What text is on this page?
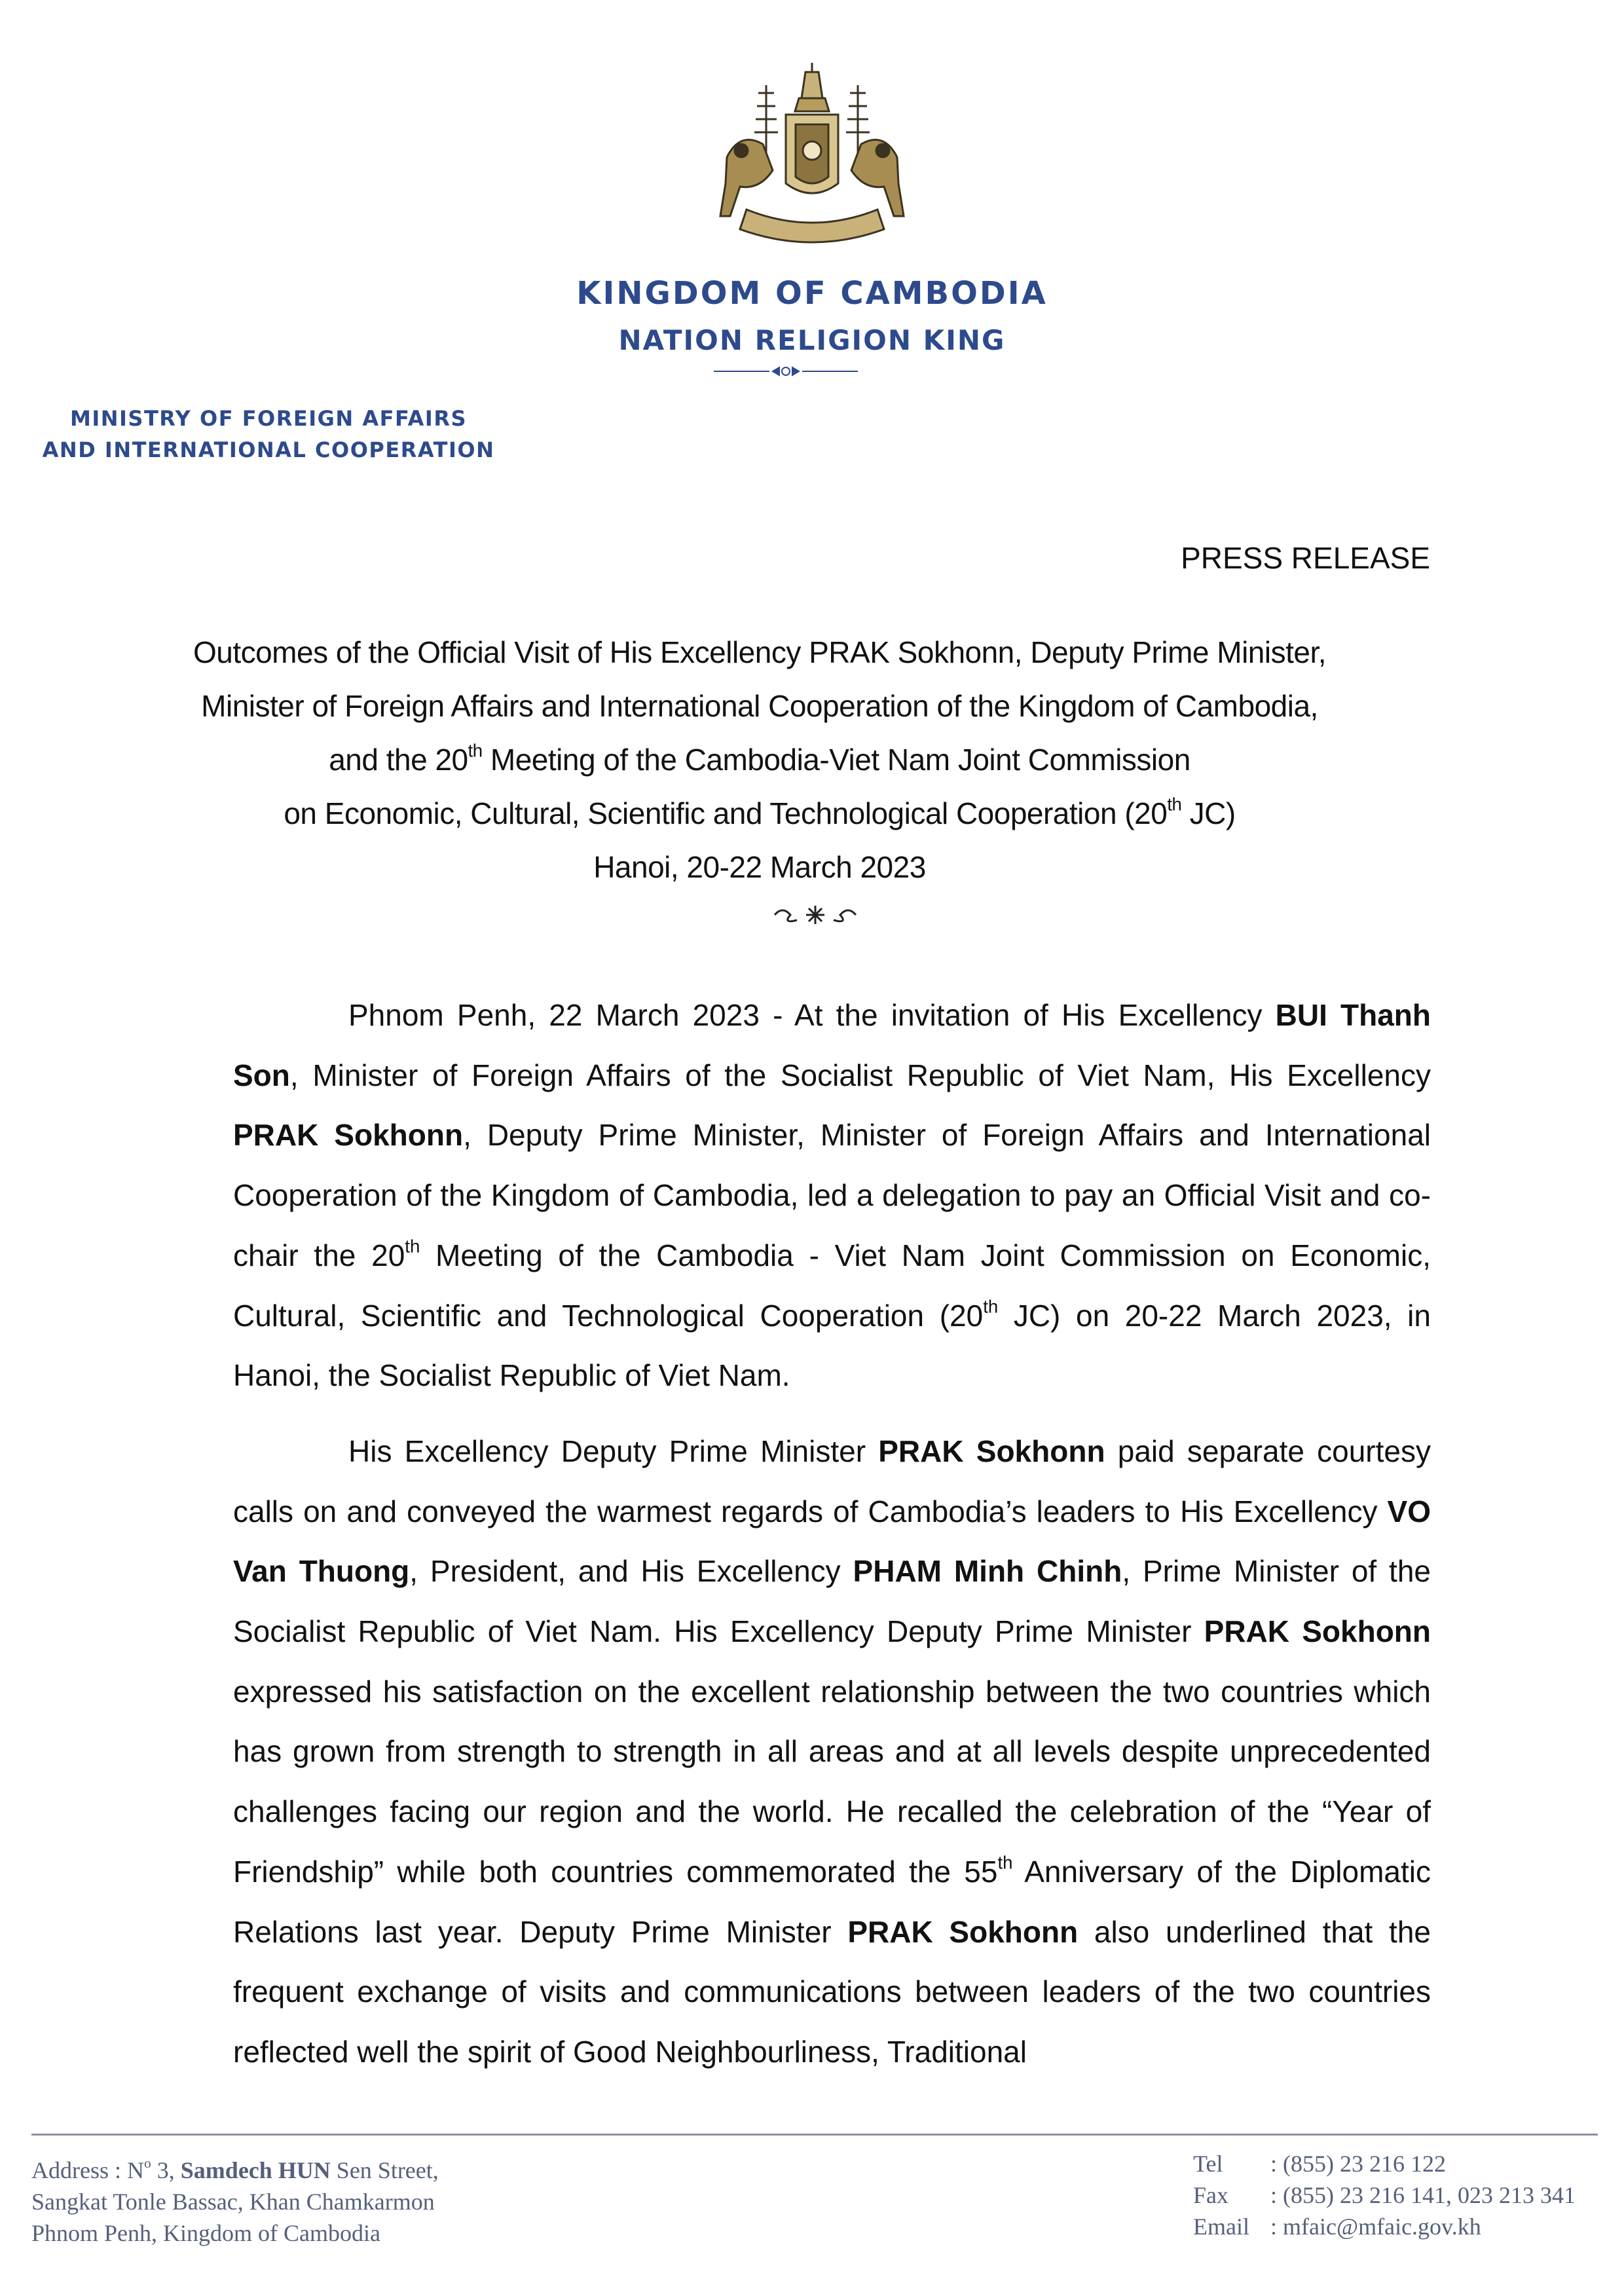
KINGDOM OF CAMBODIA
NATION RELIGION KING
MINISTRY OF FOREIGN AFFAIRS
AND INTERNATIONAL COOPERATION
PRESS RELEASE
Outcomes of the Official Visit of His Excellency PRAK Sokhonn, Deputy Prime Minister,
Minister of Foreign Affairs and International Cooperation of the Kingdom of Cambodia,
and the 20th Meeting of the Cambodia-Viet Nam Joint Commission
on Economic, Cultural, Scientific and Technological Cooperation (20th JC)
Hanoi, 20-22 March 2023

Phnom Penh, 22 March 2023 - At the invitation of His Excellency BUI Thanh Son, Minister of Foreign Affairs of the Socialist Republic of Viet Nam, His Excellency PRAK Sokhonn, Deputy Prime Minister, Minister of Foreign Affairs and International Cooperation of the Kingdom of Cambodia, led a delegation to pay an Official Visit and co-chair the 20th Meeting of the Cambodia - Viet Nam Joint Commission on Economic, Cultural, Scientific and Technological Cooperation (20th JC) on 20-22 March 2023, in Hanoi, the Socialist Republic of Viet Nam.

His Excellency Deputy Prime Minister PRAK Sokhonn paid separate courtesy calls on and conveyed the warmest regards of Cambodia’s leaders to His Excellency VO Van Thuong, President, and His Excellency PHAM Minh Chinh, Prime Minister of the Socialist Republic of Viet Nam. His Excellency Deputy Prime Minister PRAK Sokhonn expressed his satisfaction on the excellent relationship between the two countries which has grown from strength to strength in all areas and at all levels despite unprecedented challenges facing our region and the world. He recalled the celebration of the “Year of Friendship” while both countries commemorated the 55th Anniversary of the Diplomatic Relations last year. Deputy Prime Minister PRAK Sokhonn also underlined that the frequent exchange of visits and communications between leaders of the two countries reflected well the spirit of Good Neighbourliness, Traditional

Address : $N^o$ 3, Samdech HUN Sen Street,
Sangkat Tonle Bassac, Khan Chamkarmon
Phnom Penh, Kingdom of Cambodia
Tel : (855) 23 216 122
Fax : (855) 23 216 141, 023 213 341
Email : mfaic@mfaic.gov.kh
